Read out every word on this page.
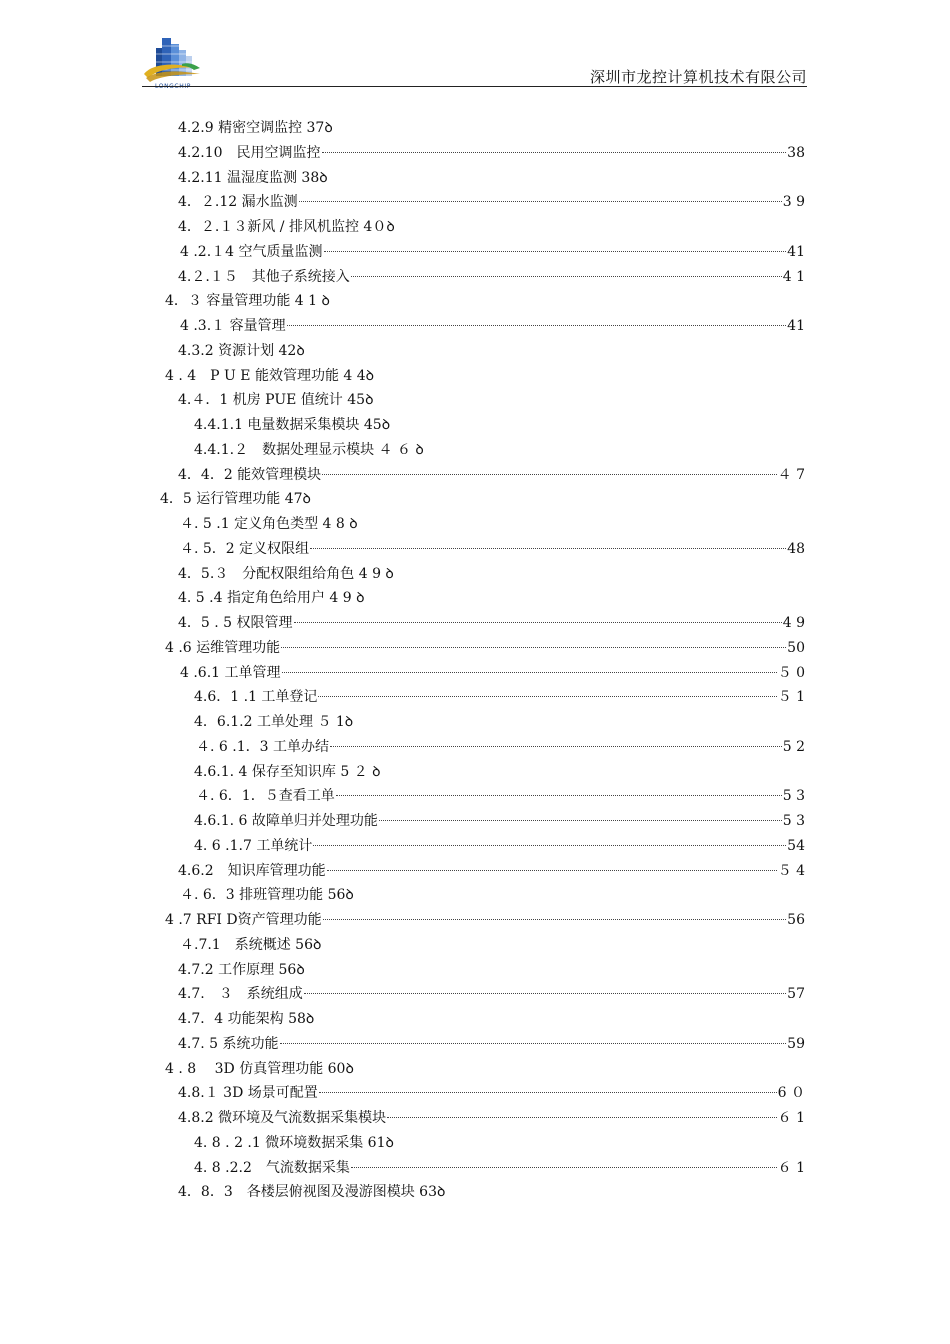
LONGCHIP
深圳市龙控计算机技术有限公司
4.2.9 精密空调监控 37ꝺ
4.2.10　民用空调监控	38
4.2.11 温湿度监测 38ꝺ
4．２.12 漏水监测	3 9
4．２.１３新风 / 排风机监控 4０ꝺ
4 .2.１4 空气质量监测	41
4.２.１５　其他子系统接入	4 1
4．３ 容量管理功能 4 1 ꝺ
4 .3.１ 容量管理	41
4.3.2 资源计划 42ꝺ
4 . 4　P U E 能效管理功能 4 4ꝺ
4.４．1 机房 PUE 值统计 45ꝺ
4.4.1.1 电量数据采集模块 45ꝺ
4.4.1.２　数据处理显示模块 ４ ６ ꝺ
4．4．2 能效管理模块	４ 7
4．5 运行管理功能 47ꝺ
４. 5 .1 定义角色类型 4 8 ꝺ
４. 5．2 定义权限组	48
4．5.３　分配权限组给角色 4 9 ꝺ
4. 5 .4 指定角色给用户 4 9 ꝺ
4．5 . 5 权限管理	4 9
4 .6 运维管理功能	50
4 .6.1 工单管理	５ 0
4.6．1 .1 工单登记	５ 1
4．6.1.2 工单处理 ５ 1ꝺ
４. 6 .1．3 工单办结	5 2
4.6.1. 4 保存至知识库 5 ２ ꝺ
４. 6．1．５查看工单	5 3
4.6.1. 6 故障单归并处理功能	5 3
4. 6 .1.7 工单统计	54
4.6.2　知识库管理功能	５ 4
４. 6．3 排班管理功能 56ꝺ
4 .7 RFI D资产管理功能	56
４.7.1　系统概述 56ꝺ
4.7.2 工作原理 56ꝺ
4.7.　３　系统组成	57
4.7．4 功能架构 58ꝺ
4.7. 5 系统功能	59
4 . 8　 3D 仿真管理功能 60ꝺ
4.8.１ 3D 场景可配置	6 ０
4.8.2 微环境及气流数据采集模块	６ 1
4. 8 . 2 .1 微环境数据采集 61ꝺ
4. 8 .2.2　气流数据采集	６ 1
4．8．3　各楼层俯视图及漫游图模块 63ꝺ
